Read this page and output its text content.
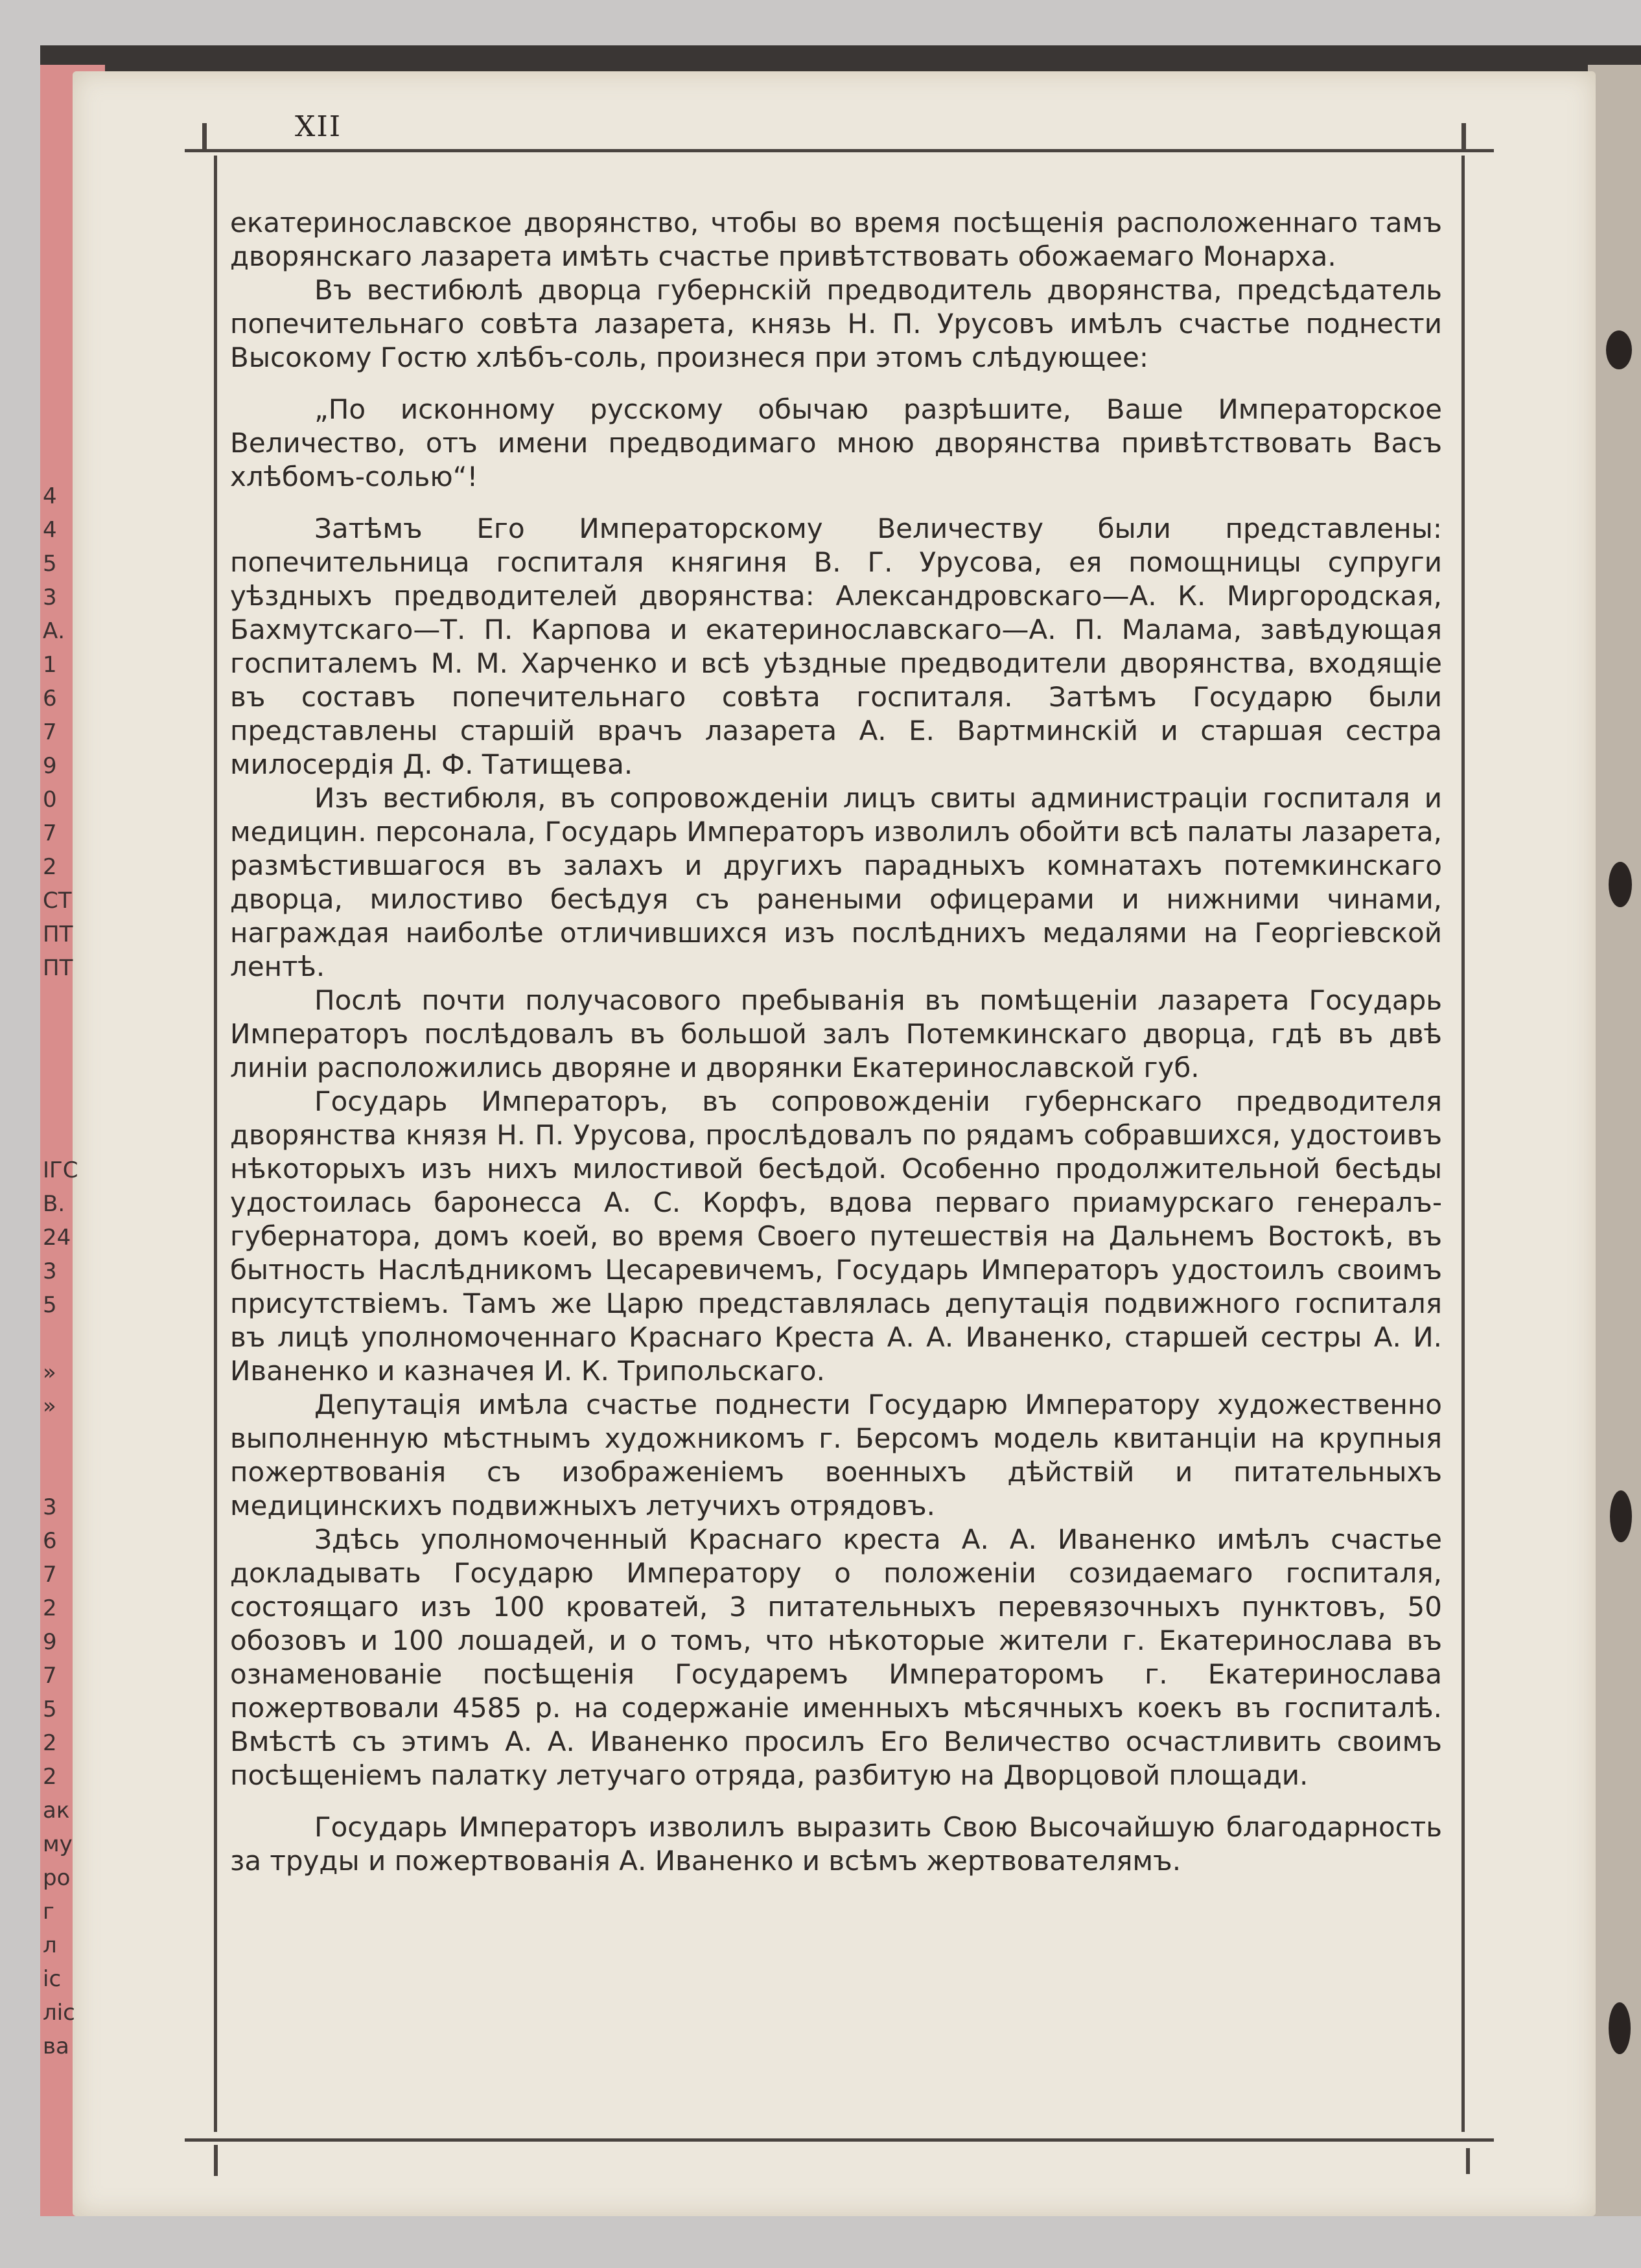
XII
4
4
5
3
А.
1
6
7
9
0
7
2
СТ
ПТ
ПТ
ІГС
В.
24
3
5
»
»
3
6
7
2
9
7
5
2
2
ак
му
ро
г
л
іс
ліс
ва

екатеринославское дворянство, чтобы во время посѣщенія расположеннаго тамъ дворянскаго лазарета имѣть счастье привѣтствовать обожаемаго Монарха.

Въ вестибюлѣ дворца губернскій предводитель дворянства, предсѣдатель попечительнаго совѣта лазарета, князь Н. П. Урусовъ имѣлъ счастье поднести Высокому Гостю хлѣбъ-соль, произнеся при этомъ слѣдующее:

„По исконному русскому обычаю разрѣшите, Ваше Императорское Величество, отъ имени предводимаго мною дворянства привѣтствовать Васъ хлѣбомъ-солью“!

Затѣмъ Его Императорскому Величеству были представлены: попечительница госпиталя княгиня В. Г. Урусова, ея помощницы супруги уѣздныхъ предводителей дворянства: Александровскаго—А. К. Миргородская, Бахмутскаго—Т. П. Карпова и екатеринославскаго—А. П. Малама, завѣдующая госпиталемъ М. М. Харченко и всѣ уѣздные предводители дворянства, входящіе въ составъ попечительнаго совѣта госпиталя. Затѣмъ Государю были представлены старшій врачъ лазарета А. Е. Вартминскій и старшая сестра милосердія Д. Ф. Татищева.

Изъ вестибюля, въ сопровожденіи лицъ свиты администраціи госпиталя и медицин. персонала, Государь Императоръ изволилъ обойти всѣ палаты лазарета, размѣстившагося въ залахъ и другихъ парадныхъ комнатахъ потемкинскаго дворца, милостиво бесѣдуя съ ранеными офицерами и нижними чинами, награждая наиболѣе отличившихся изъ послѣднихъ медалями на Георгіевской лентѣ.

Послѣ почти получасового пребыванія въ помѣщеніи лазарета Государь Императоръ послѣдовалъ въ большой залъ Потемкинскаго дворца, гдѣ въ двѣ линіи расположились дворяне и дворянки Екатеринославской губ.

Государь Императоръ, въ сопровожденіи губернскаго предводителя дворянства князя Н. П. Урусова, прослѣдовалъ по рядамъ собравшихся, удостоивъ нѣкоторыхъ изъ нихъ милостивой бесѣдой. Особенно продолжительной бесѣды удостоилась баронесса А. С. Корфъ, вдова перваго приамурскаго генералъ-губернатора, домъ коей, во время Своего путешествія на Дальнемъ Востокѣ, въ бытность Наслѣдникомъ Цесаревичемъ, Государь Императоръ удостоилъ своимъ присутствіемъ. Тамъ же Царю представлялась депутація подвижного госпиталя въ лицѣ уполномоченнаго Краснаго Креста А. А. Иваненко, старшей сестры А. И. Иваненко и казначея И. К. Трипольскаго.

Депутація имѣла счастье поднести Государю Императору художественно выполненную мѣстнымъ художникомъ г. Берсомъ модель квитанціи на крупныя пожертвованія съ изображеніемъ военныхъ дѣйствій и питательныхъ медицинскихъ подвижныхъ летучихъ отрядовъ.

Здѣсь уполномоченный Краснаго креста А. А. Иваненко имѣлъ счастье докладывать Государю Императору о положеніи созидаемаго госпиталя, состоящаго изъ 100 кроватей, 3 питательныхъ перевязочныхъ пунктовъ, 50 обозовъ и 100 лошадей, и о томъ, что нѣкоторые жители г. Екатеринослава въ ознаменованіе посѣщенія Государемъ Императоромъ г. Екатеринослава пожертвовали 4585 р. на содержаніе именныхъ мѣсячныхъ коекъ въ госпиталѣ. Вмѣстѣ съ этимъ А. А. Иваненко просилъ Его Величество осчастливить своимъ посѣщеніемъ палатку летучаго отряда, разбитую на Дворцовой площади.

Государь Императоръ изволилъ выразить Свою Высочайшую благодарность за труды и пожертвованія А. Иваненко и всѣмъ жертвователямъ.
